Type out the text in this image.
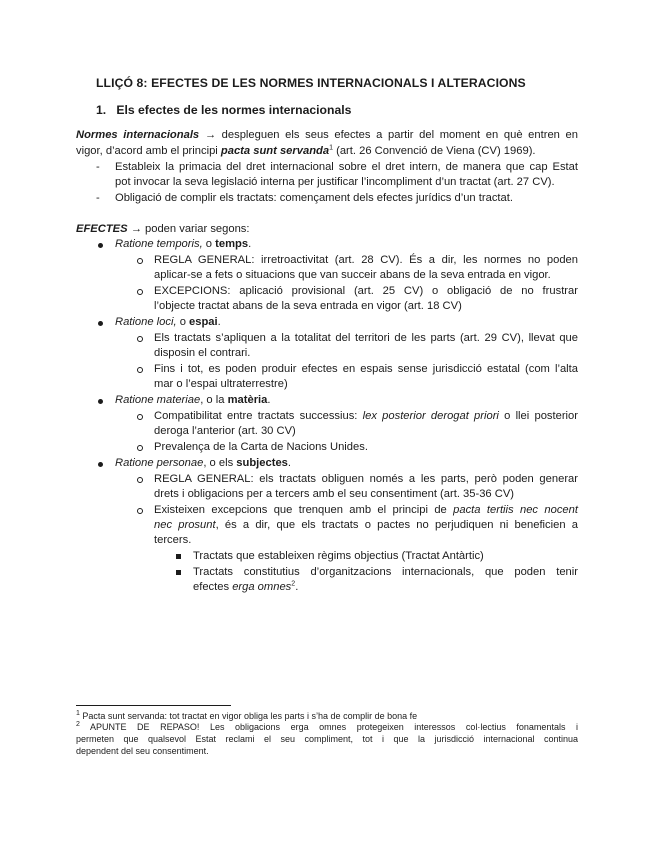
LLIÇÓ 8: EFECTES DE LES NORMES INTERNACIONALS I ALTERACIONS
1. Els efectes de les normes internacionals
Normes internacionals → despleguen els seus efectes a partir del moment en què entren en
vigor, d’acord amb el principi pacta sunt servanda$^1$ (art. 26 Convenció de Viena (CV) 1969).
- Estableix la primacia del dret internacional sobre el dret intern, de manera que cap Estat
pot invocar la seva legislació interna per justificar l’incompliment d’un tractat (art. 27 CV).
- Obligació de complir els tractats: començament dels efectes jurídics d’un tractat.
EFECTES → poden variar segons:
Ratione temporis, o temps.
REGLA GENERAL: irretroactivitat (art. 28 CV). És a dir, les normes no poden
aplicar-se a fets o situacions que van succeir abans de la seva entrada en vigor.
EXCEPCIONS: aplicació provisional (art. 25 CV) o obligació de no frustrar
l’objecte tractat abans de la seva entrada en vigor (art. 18 CV)
Ratione loci, o espai.
Els tractats s’apliquen a la totalitat del territori de les parts (art. 29 CV), llevat que
disposin el contrari.
Fins i tot, es poden produir efectes en espais sense jurisdicció estatal (com l’alta
mar o l’espai ultraterrestre)
Ratione materiae, o la matèria.
Compatibilitat entre tractats successius: lex posterior derogat priori o llei posterior
deroga l’anterior (art. 30 CV)
Prevalença de la Carta de Nacions Unides.
Ratione personae, o els subjectes.
REGLA GENERAL: els tractats obliguen només a les parts, però poden generar
drets i obligacions per a tercers amb el seu consentiment (art. 35-36 CV)
Existeixen excepcions que trenquen amb el principi de pacta tertiis nec nocent
nec prosunt, és a dir, que els tractats o pactes no perjudiquen ni beneficien a
tercers.
Tractats que estableixen règims objectius (Tractat Antàrtic)
Tractats constitutius d’organitzacions internacionals, que poden tenir
efectes erga omnes$^2$.
$^1$ Pacta sunt servanda: tot tractat en vigor obliga les parts i s’ha de complir de bona fe
$^2$ APUNTE DE REPASO! Les obligacions erga omnes protegeixen interessos col·lectius fonamentals i
permeten que qualsevol Estat reclami el seu compliment, tot i que la jurisdicció internacional continua
dependent del seu consentiment.
